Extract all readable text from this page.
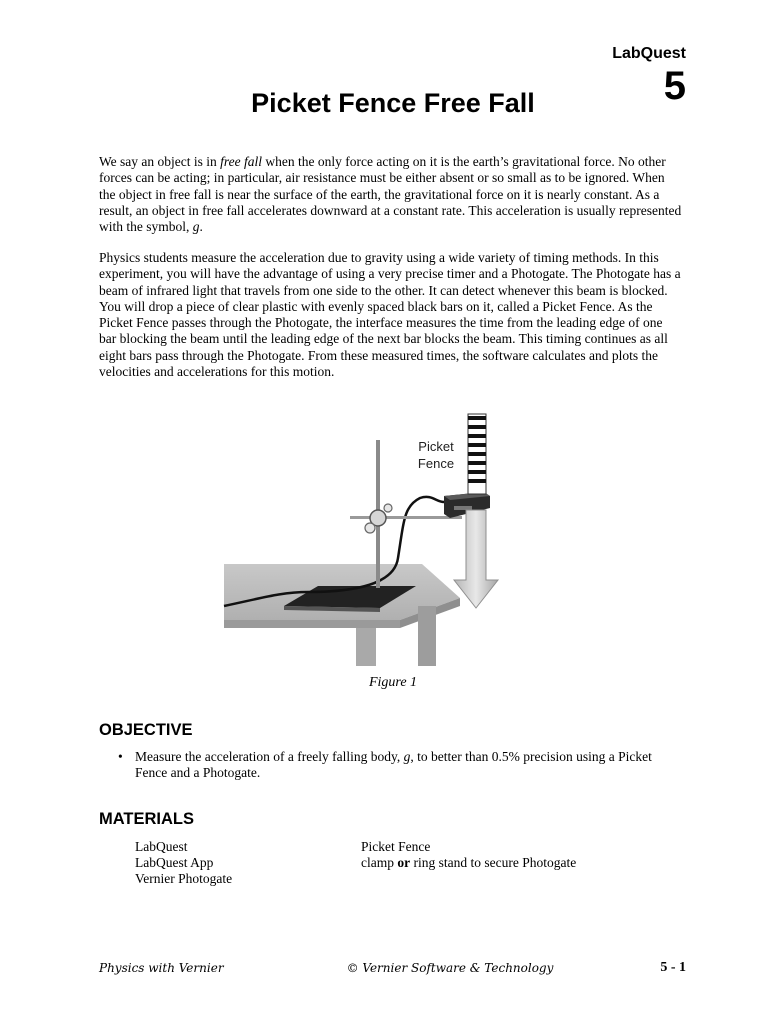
LabQuest
5
Picket Fence Free Fall

We say an object is in free fall when the only force acting on it is the earth’s gravitational force. No other forces can be acting; in particular, air resistance must be either absent or so small as to be ignored. When the object in free fall is near the surface of the earth, the gravitational force on it is nearly constant. As a result, an object in free fall accelerates downward at a constant rate. This acceleration is usually represented with the symbol, g.

Physics students measure the acceleration due to gravity using a wide variety of timing methods. In this experiment, you will have the advantage of using a very precise timer and a Photogate. The Photogate has a beam of infrared light that travels from one side to the other. It can detect whenever this beam is blocked. You will drop a piece of clear plastic with evenly spaced black bars on it, called a Picket Fence. As the Picket Fence passes through the Photogate, the interface measures the time from the leading edge of one bar blocking the beam until the leading edge of the next bar blocks the beam. This timing continues as all eight bars pass through the Photogate. From these measured times, the software calculates and plots the velocities and accelerations for this motion.

Picket
Fence
Figure 1
OBJECTIVE
• Measure the acceleration of a freely falling body, g, to better than 0.5% precision using a Picket Fence and a Photogate.
MATERIALS
LabQuest
LabQuest App
Vernier Photogate
Picket Fence
clamp or ring stand to secure Photogate
Physics with Vernier	© Vernier Software & Technology	5 - 1
